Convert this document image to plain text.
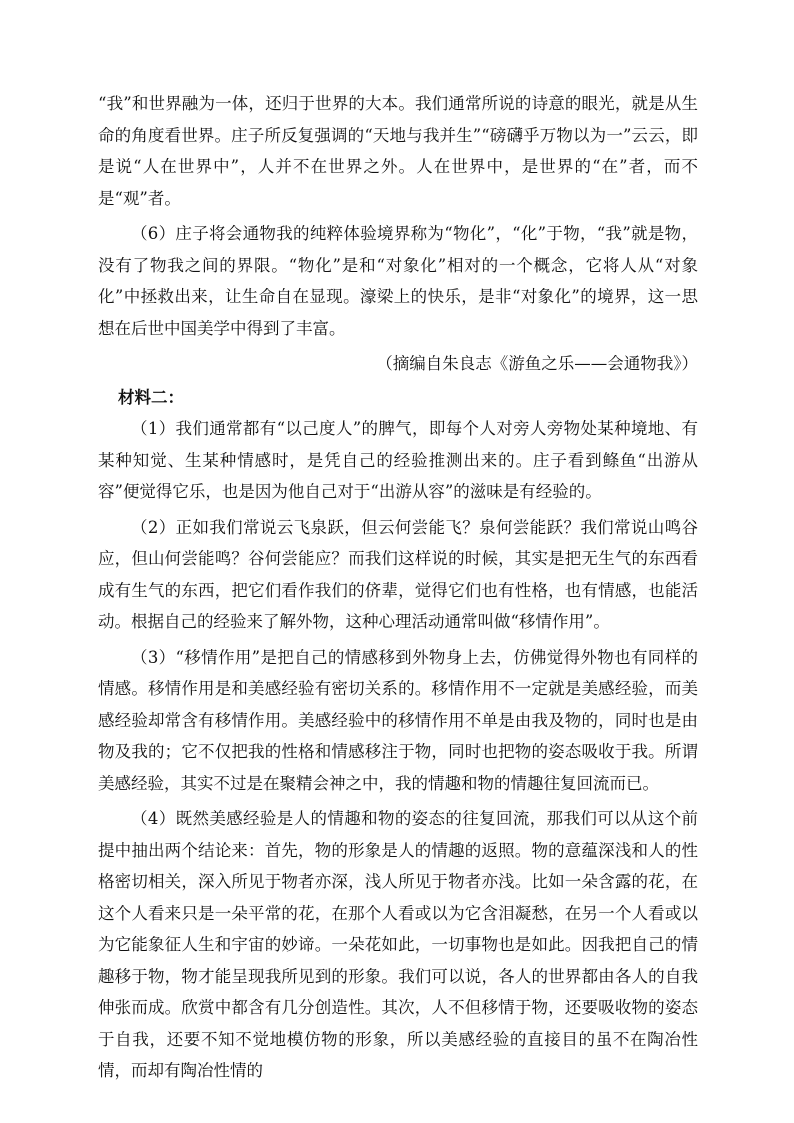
“我”和世界融为一体，还归于世界的大本。我们通常所说的诗意的眼光，就是从生命的角度看世界。庄子所反复强调的“天地与我并生”“磅礴乎万物以为一”云云，即是说“人在世界中”，人并不在世界之外。人在世界中，是世界的“在”者，而不是“观”者。

（6）庄子将会通物我的纯粹体验境界称为“物化”，“化”于物，“我”就是物，没有了物我之间的界限。“物化”是和“对象化”相对的一个概念，它将人从“对象化”中拯救出来，让生命自在显现。濠梁上的快乐，是非“对象化”的境界，这一思想在后世中国美学中得到了丰富。

（摘编自朱良志《游鱼之乐——会通物我》）

材料二：

（1）我们通常都有“以己度人”的脾气，即每个人对旁人旁物处某种境地、有某种知觉、生某种情感时，是凭自己的经验推测出来的。庄子看到鲦鱼“出游从容”便觉得它乐，也是因为他自己对于“出游从容”的滋味是有经验的。

（2）正如我们常说云飞泉跃，但云何尝能飞？泉何尝能跃？我们常说山鸣谷应，但山何尝能鸣？谷何尝能应？而我们这样说的时候，其实是把无生气的东西看成有生气的东西，把它们看作我们的侪辈，觉得它们也有性格，也有情感，也能活动。根据自己的经验来了解外物，这种心理活动通常叫做“移情作用”。

（3）“移情作用”是把自己的情感移到外物身上去，仿佛觉得外物也有同样的情感。移情作用是和美感经验有密切关系的。移情作用不一定就是美感经验，而美感经验却常含有移情作用。美感经验中的移情作用不单是由我及物的，同时也是由物及我的；它不仅把我的性格和情感移注于物，同时也把物的姿态吸收于我。所谓美感经验，其实不过是在聚精会神之中，我的情趣和物的情趣往复回流而已。

（4）既然美感经验是人的情趣和物的姿态的往复回流，那我们可以从这个前提中抽出两个结论来：首先，物的形象是人的情趣的返照。物的意蕴深浅和人的性格密切相关，深入所见于物者亦深，浅人所见于物者亦浅。比如一朵含露的花，在这个人看来只是一朵平常的花，在那个人看或以为它含泪凝愁，在另一个人看或以为它能象征人生和宇宙的妙谛。一朵花如此，一切事物也是如此。因我把自己的情趣移于物，物才能呈现我所见到的形象。我们可以说，各人的世界都由各人的自我伸张而成。欣赏中都含有几分创造性。其次，人不但移情于物，还要吸收物的姿态于自我，还要不知不觉地模仿物的形象，所以美感经验的直接目的虽不在陶冶性情，而却有陶冶性情的
